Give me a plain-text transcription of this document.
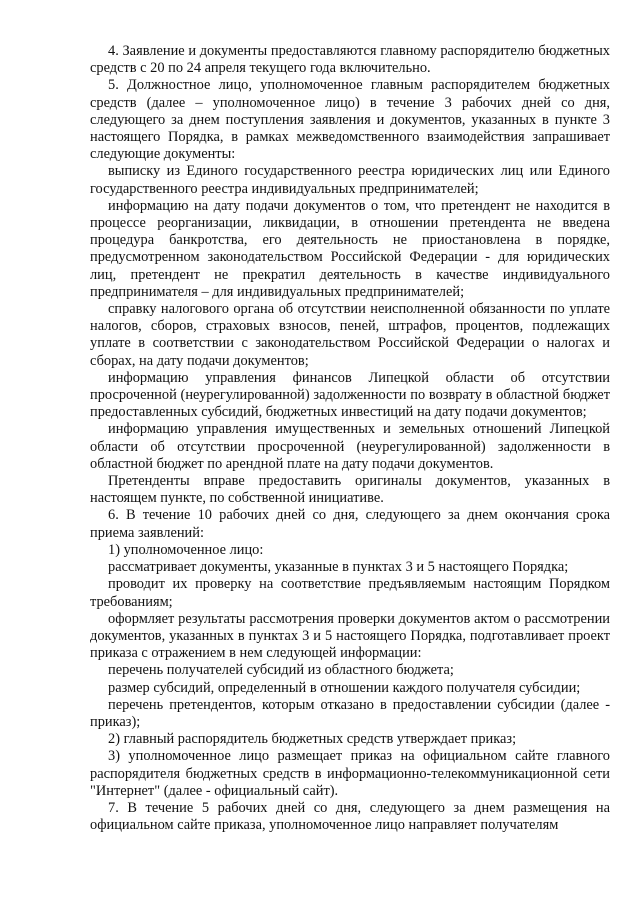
4. Заявление и документы предоставляются главному распорядителю бюджетных средств с 20 по 24 апреля текущего года включительно.

5. Должностное лицо, уполномоченное главным распорядителем бюджетных средств (далее – уполномоченное лицо) в течение 3 рабочих дней со дня, следующего за днем поступления заявления и документов, указанных в пункте 3 настоящего Порядка, в рамках межведомственного взаимодействия запрашивает следующие документы:

выписку из Единого государственного реестра юридических лиц или Единого государственного реестра индивидуальных предпринимателей;

информацию на дату подачи документов о том, что претендент не находится в процессе реорганизации, ликвидации, в отношении претендента не введена процедура банкротства, его деятельность не приостановлена в порядке, предусмотренном законодательством Российской Федерации - для юридических лиц, претендент не прекратил деятельность в качестве индивидуального предпринимателя – для индивидуальных предпринимателей;

справку налогового органа об отсутствии неисполненной обязанности по уплате налогов, сборов, страховых взносов, пеней, штрафов, процентов, подлежащих уплате в соответствии с законодательством Российской Федерации о налогах и сборах, на дату подачи документов;

информацию управления финансов Липецкой области об отсутствии просроченной (неурегулированной) задолженности по возврату в областной бюджет предоставленных субсидий, бюджетных инвестиций на дату подачи документов;

информацию управления имущественных и земельных отношений Липецкой области об отсутствии просроченной (неурегулированной) задолженности в областной бюджет по арендной плате на дату подачи документов.

Претенденты вправе предоставить оригиналы документов, указанных в настоящем пункте, по собственной инициативе.

6. В течение 10 рабочих дней со дня, следующего за днем окончания срока приема заявлений:

1) уполномоченное лицо:

рассматривает документы, указанные в пунктах 3 и 5 настоящего Порядка;

проводит их проверку на соответствие предъявляемым настоящим Порядком требованиям;

оформляет результаты рассмотрения проверки документов актом о рассмотрении документов, указанных в пунктах 3 и 5 настоящего Порядка, подготавливает проект приказа с отражением в нем следующей информации:

перечень получателей субсидий из областного бюджета;

размер субсидий, определенный в отношении каждого получателя субсидии;

перечень претендентов, которым отказано в предоставлении субсидии (далее - приказ);

2) главный распорядитель бюджетных средств утверждает приказ;

3) уполномоченное лицо размещает приказ на официальном сайте главного распорядителя бюджетных средств в информационно-телекоммуникационной сети "Интернет" (далее - официальный сайт).

7. В течение 5 рабочих дней со дня, следующего за днем размещения на официальном сайте приказа, уполномоченное лицо направляет получателям
